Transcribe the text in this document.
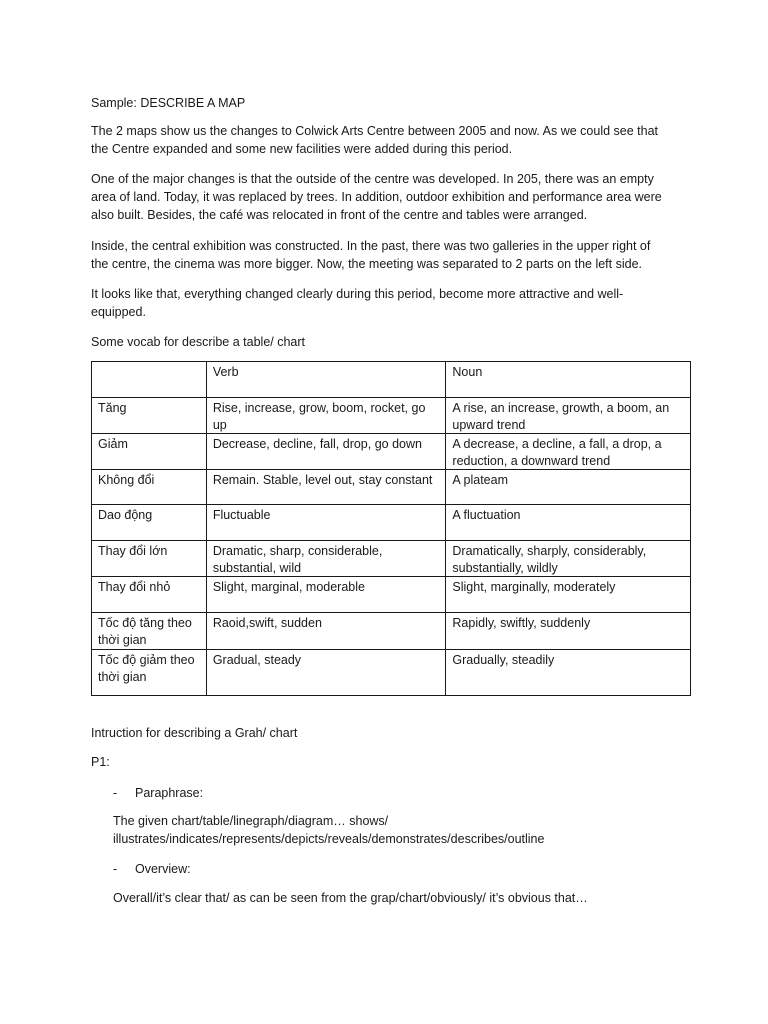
Sample: DESCRIBE A MAP

The 2 maps show us the changes to Colwick Arts Centre between 2005 and now. As we could see that the Centre expanded and some new facilities were added during this period.

One of the major changes is that the outside of the centre was developed. In 205, there was an empty area of land. Today, it was replaced by trees. In addition, outdoor exhibition and performance area were also built. Besides, the café was relocated in front of the centre and tables were arranged.

Inside, the central exhibition was constructed. In the past, there was two galleries in the upper right of the centre, the cinema was more bigger. Now, the meeting was separated to 2 parts on the left side.

It looks like that, everything changed clearly during this period, become more attractive and well-equipped.

Some vocab for describe a table/ chart

	Verb	Noun
Tăng	Rise, increase, grow, boom, rocket, go up	A rise, an increase, growth, a boom, an upward trend
Giảm	Decrease, decline, fall, drop, go down	A decrease, a decline, a fall, a drop, a reduction, a downward trend
Không đổi	Remain. Stable, level out, stay constant	A plateam
Dao động	Fluctuable	A fluctuation
Thay đổi lớn	Dramatic, sharp, considerable, substantial, wild	Dramatically, sharply, considerably, substantially, wildly
Thay đổi nhỏ	Slight, marginal, moderable	Slight, marginally, moderately
Tốc độ tăng theo thời gian	Raoid,swift, sudden	Rapidly, swiftly, suddenly
Tốc độ giảm theo thời gian	Gradual, steady	Gradually, steadily

Intruction for describing a Grah/ chart

P1:

- Paraphrase:

The given chart/table/linegraph/diagram… shows/ illustrates/indicates/represents/depicts/reveals/demonstrates/describes/outline

- Overview:

Overall/it’s clear that/ as can be seen from the grap/chart/obviously/ it’s obvious that…
